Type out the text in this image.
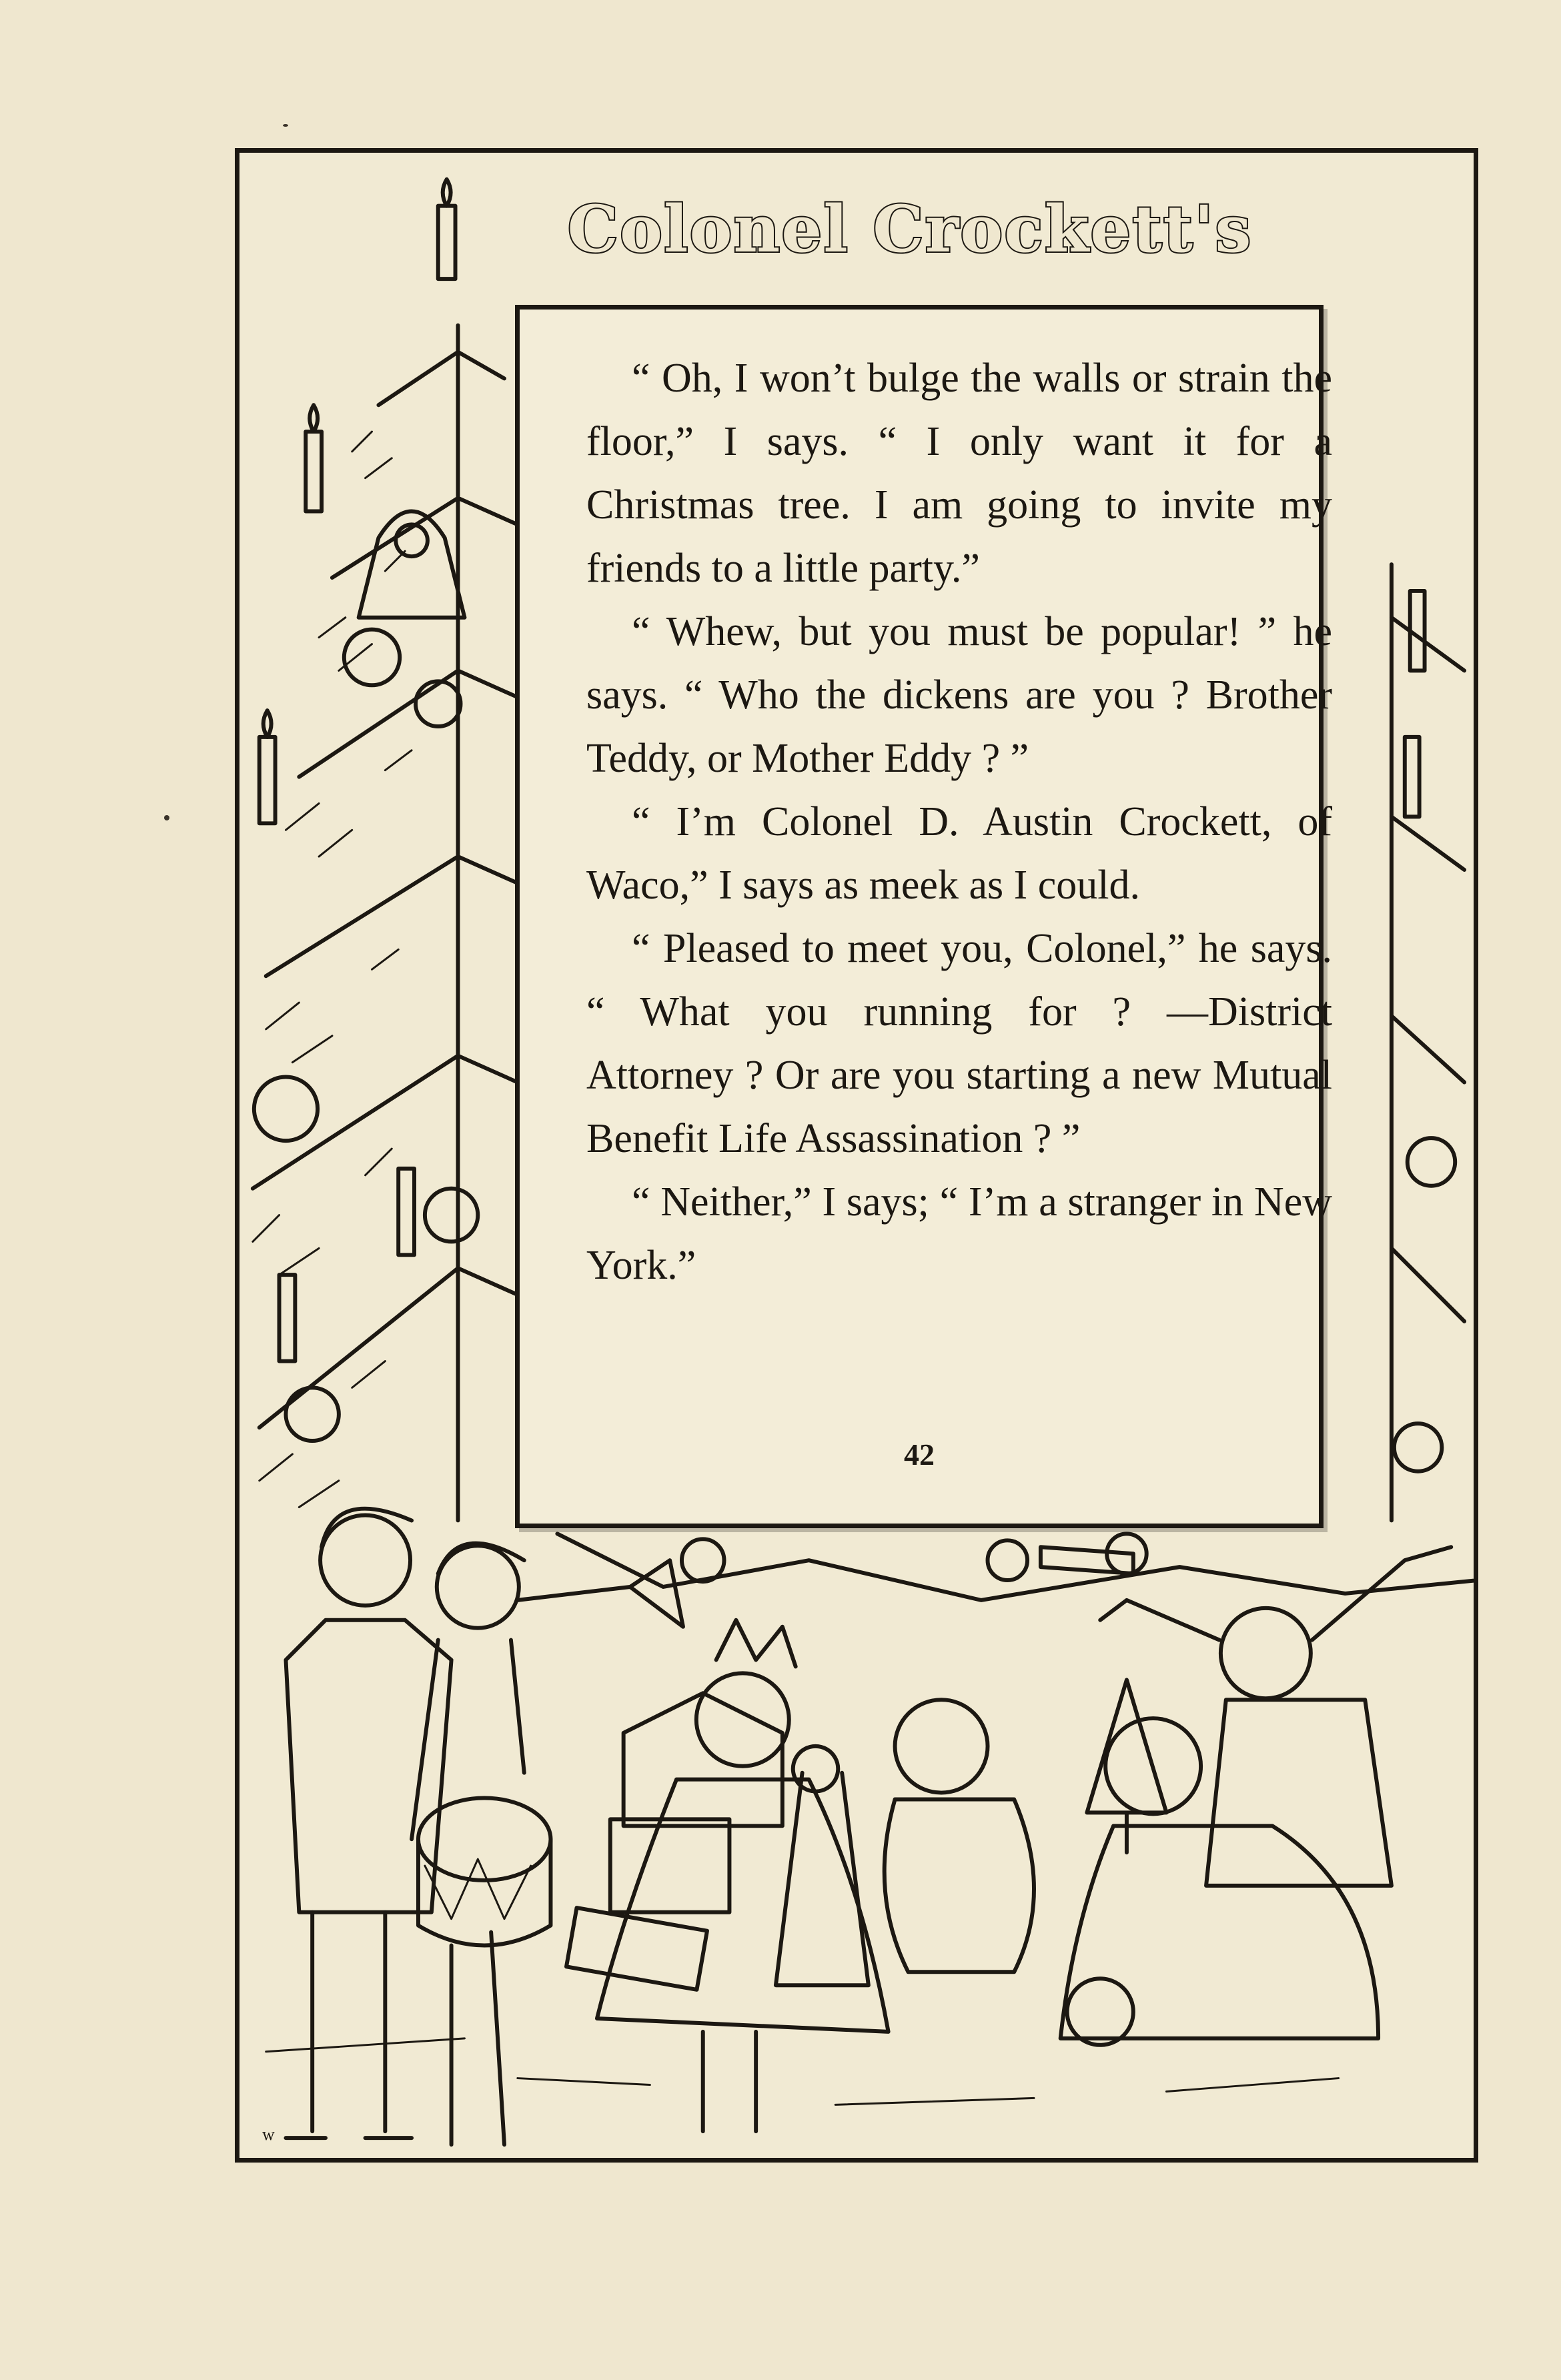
Colonel Crockett's

“ Oh, I won’t bulge the walls or strain the floor,” I says. “ I only want it for a Christmas tree. I am going to invite my friends to a little party.”

“ Whew, but you must be popular! ” he says. “ Who the dickens are you ? Brother Teddy, or Mother Eddy ? ”

“ I’m Colonel D. Austin Crockett, of Waco,” I says as meek as I could.

“ Pleased to meet you, Colonel,” he says. “ What you running for ? —District Attorney ? Or are you starting a new Mutual Benefit Life Assassination ? ”

“ Neither,” I says; “ I’m a stranger in New York.”

42
w
